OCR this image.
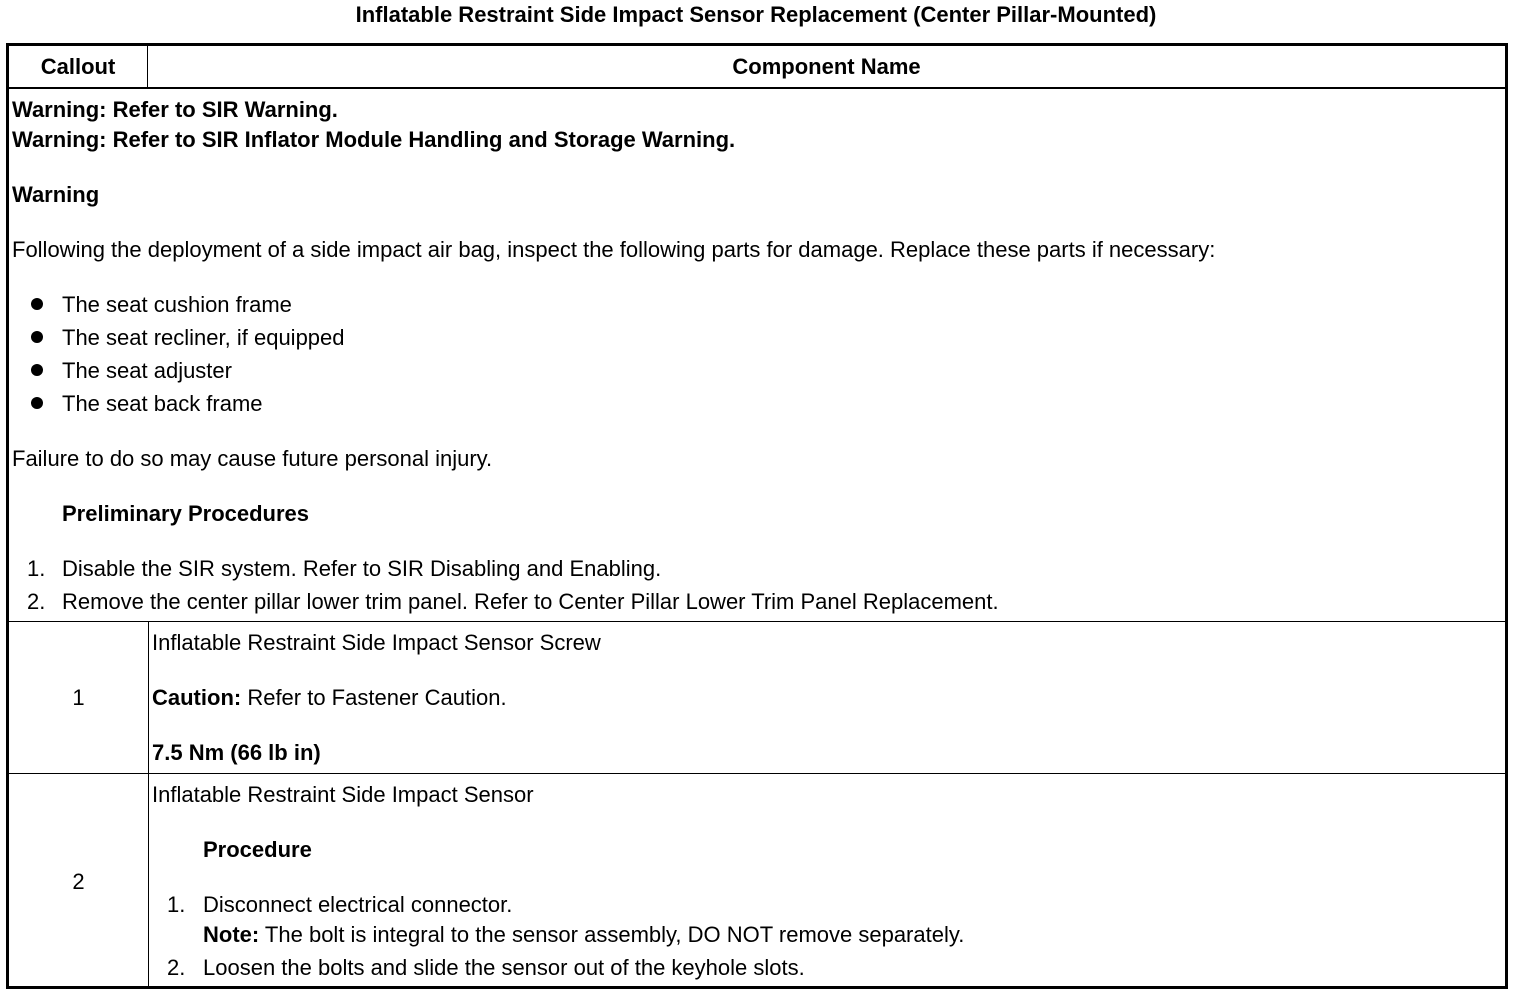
Inflatable Restraint Side Impact Sensor Replacement (Center Pillar-Mounted)
Callout	Component Name
Warning: Refer to SIR Warning.
Warning: Refer to SIR Inflator Module Handling and Storage Warning.
Warning
Following the deployment of a side impact air bag, inspect the following parts for damage. Replace these parts if necessary:
The seat cushion frame
The seat recliner, if equipped
The seat adjuster
The seat back frame
Failure to do so may cause future personal injury.
Preliminary Procedures
1. Disable the SIR system. Refer to SIR Disabling and Enabling.
2. Remove the center pillar lower trim panel. Refer to Center Pillar Lower Trim Panel Replacement.
1
Inflatable Restraint Side Impact Sensor Screw
Caution: Refer to Fastener Caution.
7.5 Nm (66 lb in)
2
Inflatable Restraint Side Impact Sensor
Procedure
1. Disconnect electrical connector.
Note: The bolt is integral to the sensor assembly, DO NOT remove separately.
2. Loosen the bolts and slide the sensor out of the keyhole slots.
